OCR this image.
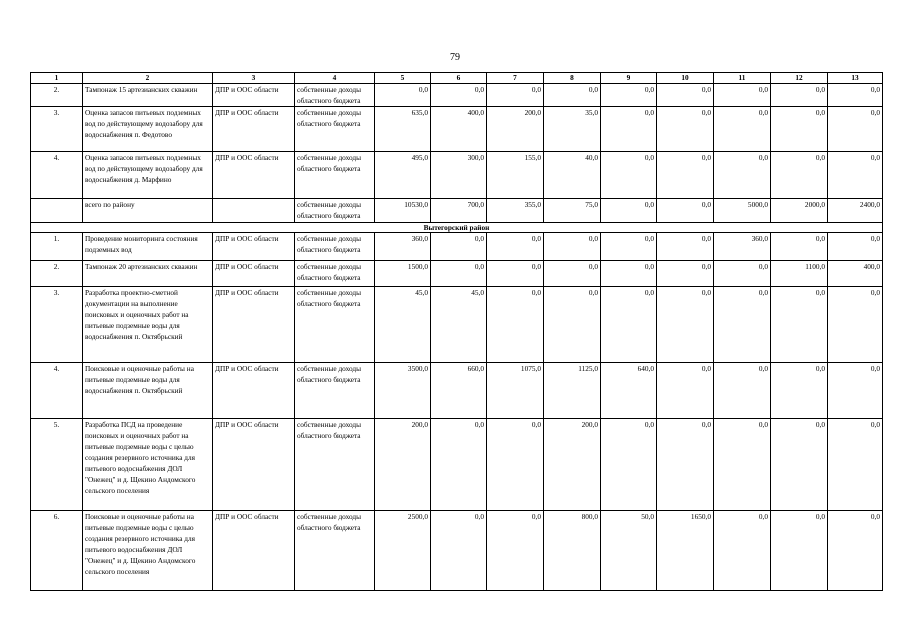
79
1	2	3	4	5	6	7	8	9	10	11	12	13
2.	Тампонаж 15 артезианских скважин	ДПР и ООС области	собственные доходы областного бюджета	0,0	0,0	0,0	0,0	0,0	0,0	0,0	0,0	0,0
3.	Оценка запасов питьевых подземных вод по действующему водозабору для водоснабжения п. Федотово	ДПР и ООС области	собственные доходы областного бюджета	635,0	400,0	200,0	35,0	0,0	0,0	0,0	0,0	0,0
4.	Оценка запасов питьевых подземных вод по действующему водозабору для водоснабжения д. Марфино	ДПР и ООС области	собственные доходы областного бюджета	495,0	300,0	155,0	40,0	0,0	0,0	0,0	0,0	0,0
	всего по району		собственные доходы областного бюджета	10530,0	700,0	355,0	75,0	0,0	0,0	5000,0	2000,0	2400,0
Вытегорский район												
1.	Проведение мониторинга состояния подземных вод	ДПР и ООС области	собственные доходы областного бюджета	360,0	0,0	0,0	0,0	0,0	0,0	360,0	0,0	0,0
2.	Тампонаж 20 артезианских скважин	ДПР и ООС области	собственные доходы областного бюджета	1500,0	0,0	0,0	0,0	0,0	0,0	0,0	1100,0	400,0
3.	Разработка проектно-сметной документации на выполнение поисковых и оценочных работ на питьевые подземные воды для водоснабжения п. Октябрьский	ДПР и ООС области	собственные доходы областного бюджета	45,0	45,0	0,0	0,0	0,0	0,0	0,0	0,0	0,0
4.	Поисковые и оценочные работы на питьевые подземные воды для водоснабжения п. Октябрьский	ДПР и ООС области	собственные доходы областного бюджета	3500,0	660,0	1075,0	1125,0	640,0	0,0	0,0	0,0	0,0
5.	Разработка ПСД на проведение поисковых и оценочных работ на питьевые подземные воды с целью создания резервного источника для питьевого водоснабжения ДОЛ "Онежец" и д. Щекино Андомского сельского поселения	ДПР и ООС области	собственные доходы областного бюджета	200,0	0,0	0,0	200,0	0,0	0,0	0,0	0,0	0,0
6.	Поисковые и оценочные работы на питьевые подземные воды с целью создания резервного источника для питьевого водоснабжения ДОЛ "Онежец" и д. Щекино Андомского сельского поселения	ДПР и ООС области	собственные доходы областного бюджета	2500,0	0,0	0,0	800,0	50,0	1650,0	0,0	0,0	0,0
